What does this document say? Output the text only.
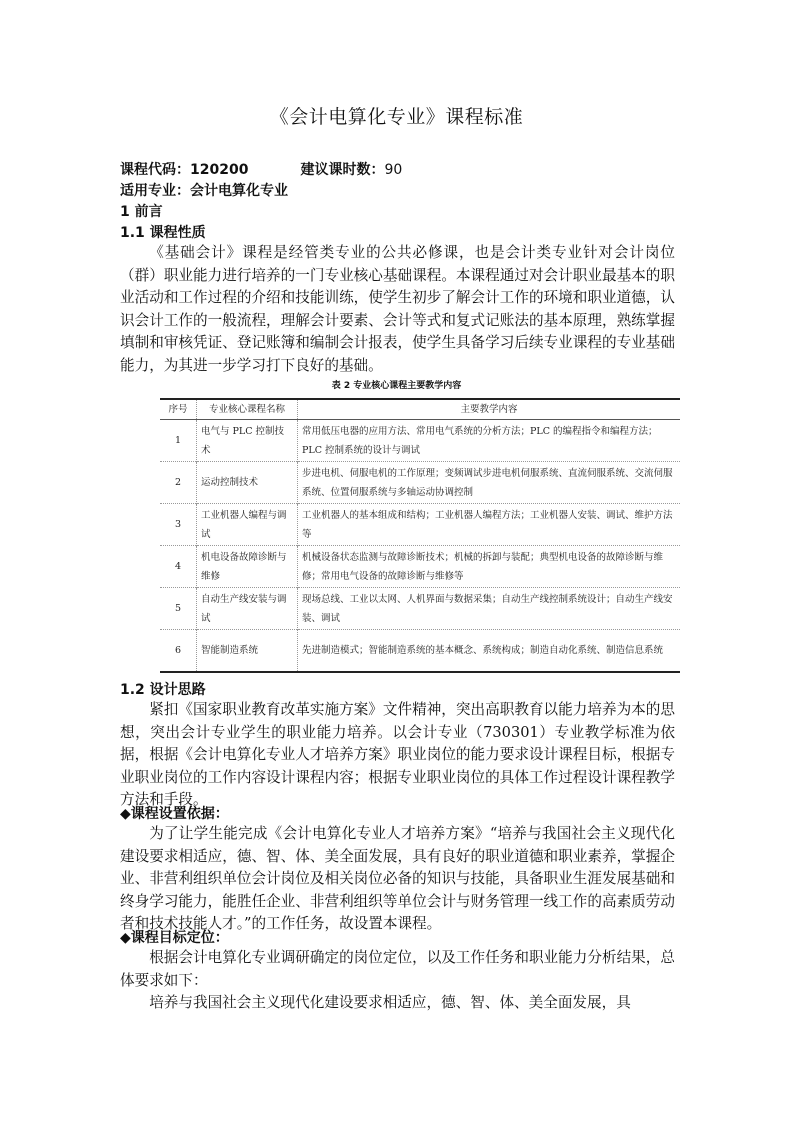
《会计电算化专业》课程标准
课程代码：120200	建议课时数：90
适用专业：会计电算化专业
1 前言
1.1 课程性质

《基础会计》课程是经管类专业的公共必修课，也是会计类专业针对会计岗位（群）职业能力进行培养的一门专业核心基础课程。本课程通过对会计职业最基本的职业活动和工作过程的介绍和技能训练，使学生初步了解会计工作的环境和职业道德，认识会计工作的一般流程，理解会计要素、会计等式和复式记账法的基本原理，熟练掌握填制和审核凭证、登记账簿和编制会计报表，使学生具备学习后续专业课程的专业基础能力，为其进一步学习打下良好的基础。

表 2 专业核心课程主要教学内容
序号	专业核心课程名称	主要教学内容
1	电气与 PLC 控制技术	常用低压电器的应用方法、常用电气系统的分析方法；PLC 的编程指令和编程方法；PLC 控制系统的设计与调试
2	运动控制技术	步进电机、伺服电机的工作原理；变频调试步进电机伺服系统、直流伺服系统、交流伺服系统、位置伺服系统与多轴运动协调控制
3	工业机器人编程与调试	工业机器人的基本组成和结构；工业机器人编程方法；工业机器人安装、调试、维护方法等
4	机电设备故障诊断与维修	机械设备状态监测与故障诊断技术；机械的拆卸与装配；典型机电设备的故障诊断与维修；常用电气设备的故障诊断与维修等
5	自动生产线安装与调试	现场总线、工业以太网、人机界面与数据采集；自动生产线控制系统设计；自动生产线安装、调试
6	智能制造系统	先进制造模式；智能制造系统的基本概念、系统构成；制造自动化系统、制造信息系统
1.2 设计思路

紧扣《国家职业教育改革实施方案》文件精神，突出高职教育以能力培养为本的思想，突出会计专业学生的职业能力培养。以会计专业（730301）专业教学标准为依据，根据《会计电算化专业人才培养方案》职业岗位的能力要求设计课程目标，根据专业职业岗位的工作内容设计课程内容；根据专业职业岗位的具体工作过程设计课程教学方法和手段。

◆课程设置依据：

为了让学生能完成《会计电算化专业人才培养方案》“培养与我国社会主义现代化建设要求相适应，德、智、体、美全面发展，具有良好的职业道德和职业素养，掌握企业、非营利组织单位会计岗位及相关岗位必备的知识与技能，具备职业生涯发展基础和终身学习能力，能胜任企业、非营利组织等单位会计与财务管理一线工作的高素质劳动者和技术技能人才。”的工作任务，故设置本课程。

◆课程目标定位：

根据会计电算化专业调研确定的岗位定位，以及工作任务和职业能力分析结果，总体要求如下：

培养与我国社会主义现代化建设要求相适应，德、智、体、美全面发展，具
